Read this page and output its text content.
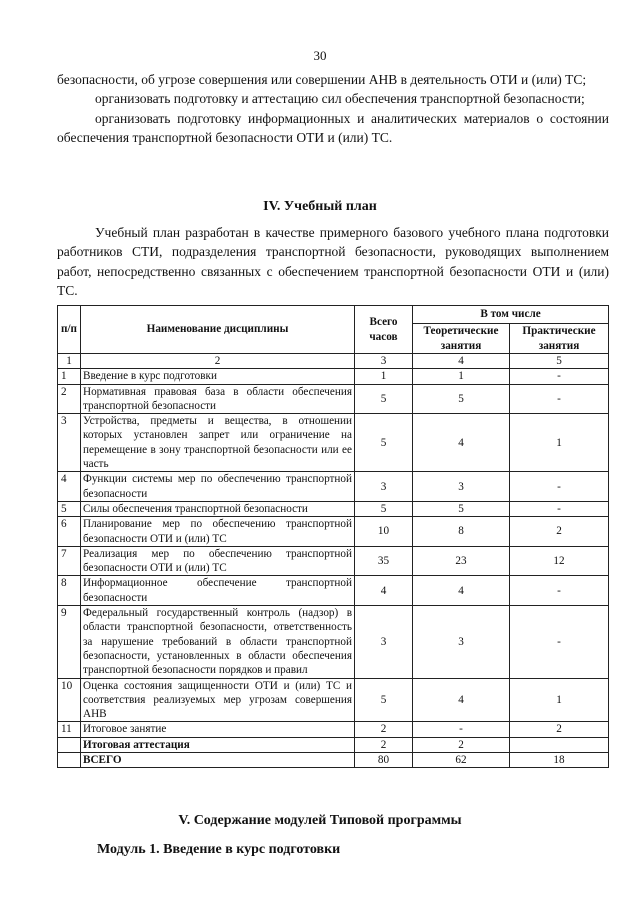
30

безопасности, об угрозе совершения или совершении АНВ в деятельность ОТИ и (или) ТС;

организовать подготовку и аттестацию сил обеспечения транспортной безопасности;

организовать подготовку информационных и аналитических материалов о состоянии обеспечения транспортной безопасности ОТИ и (или) ТС.

IV. Учебный план

Учебный план разработан в качестве примерного базового учебного плана подготовки работников СТИ, подразделения транспортной безопасности, руководящих выполнением работ, непосредственно связанных с обеспечением транспортной безопасности ОТИ и (или) ТС.

п/п	Наименование дисциплины	Всего часов	В том числе	
			Теоретические занятия	Практические занятия
1	2	3	4	5
1	Введение в курс подготовки	1	1	-
2	Нормативная правовая база в области обеспечения транспортной безопасности	5	5	-
3	Устройства, предметы и вещества, в отношении которых установлен запрет или ограничение на перемещение в зону транспортной безопасности или ее часть	5	4	1
4	Функции системы мер по обеспечению транспортной безопасности	3	3	-
5	Силы обеспечения транспортной безопасности	5	5	-
6	Планирование мер по обеспечению транспортной безопасности ОТИ и (или) ТС	10	8	2
7	Реализация мер по обеспечению транспортной безопасности ОТИ и (или) ТС	35	23	12
8	Информационное обеспечение транспортной безопасности	4	4	-
9	Федеральный государственный контроль (надзор) в области транспортной безопасности, ответственность за нарушение требований в области транспортной безопасности, установленных в области обеспечения транспортной безопасности порядков и правил	3	3	-
10	Оценка состояния защищенности ОТИ и (или) ТС и соответствия реализуемых мер угрозам совершения АНВ	5	4	1
11	Итоговое занятие	2	-	2
	Итоговая аттестация	2	2	
	ВСЕГО	80	62	18
V. Содержание модулей Типовой программы
Модуль 1. Введение в курс подготовки
